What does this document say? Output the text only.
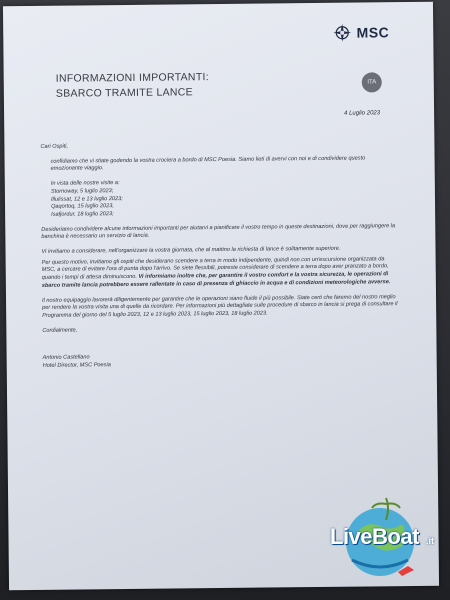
MSC
INFORMAZIONI IMPORTANTI:
SBARCO TRAMITE LANCE
ITA
4 Luglio 2023

Cari Ospiti,

confidiamo che vi stiate godendo la vostra crociera a bordo di MSC Poesia. Siamo lieti di avervi con noi e di condividere questo emozionante viaggio.

In vista delle nostre visite a:
Stornoway, 5 luglio 2023;
Illulissat, 12 e 13 luglio 2023;
Qaqortoq, 15 luglio 2023,
Isafjordur, 18 luglio 2023;

Desideriamo condividere alcune informazioni importanti per aiutarvi a pianificare il vostro tempo in queste destinazioni, dove per raggiungere la banchina è necessario un servizio di lancia.

Vi invitiamo a considerare, nell'organizzare la vostra giornata, che al mattino la richiesta di lance è solitamente superiore.

Per questo motivo, invitiamo gli ospiti che desiderano scendere a terra in modo indipendente, quindi non con un'escursione organizzata da MSC, a cercare di evitare l'ora di punta dopo l'arrivo. Se siete flessibili, potreste considerare di scendere a terra dopo aver pranzato a bordo, quando i tempi di attesa diminuiscono. Vi informiamo inoltre che, per garantire il vostro comfort e la vostra sicurezza, le operazioni di sbarco tramite lancia potrebbero essere rallentate in caso di presenza di ghiaccio in acqua e di condizioni meteorologiche avverse.

Il nostro equipaggio lavorerà diligentemente per garantire che le operazioni siano fluide il più possibile. Siate certi che faremo del nostro meglio per rendere la vostra visita una di quelle da ricordare. Per informazioni più dettagliate sulle procedure di sbarco in lancia si prega di consultare il Programma del giorno del 5 luglio 2023, 12 e 13 luglio 2023, 15 luglio 2023, 18 luglio 2023.

Cordialmente,

Antonio Castellano
Hotel Director, MSC Poesia
LiveBoat .it
